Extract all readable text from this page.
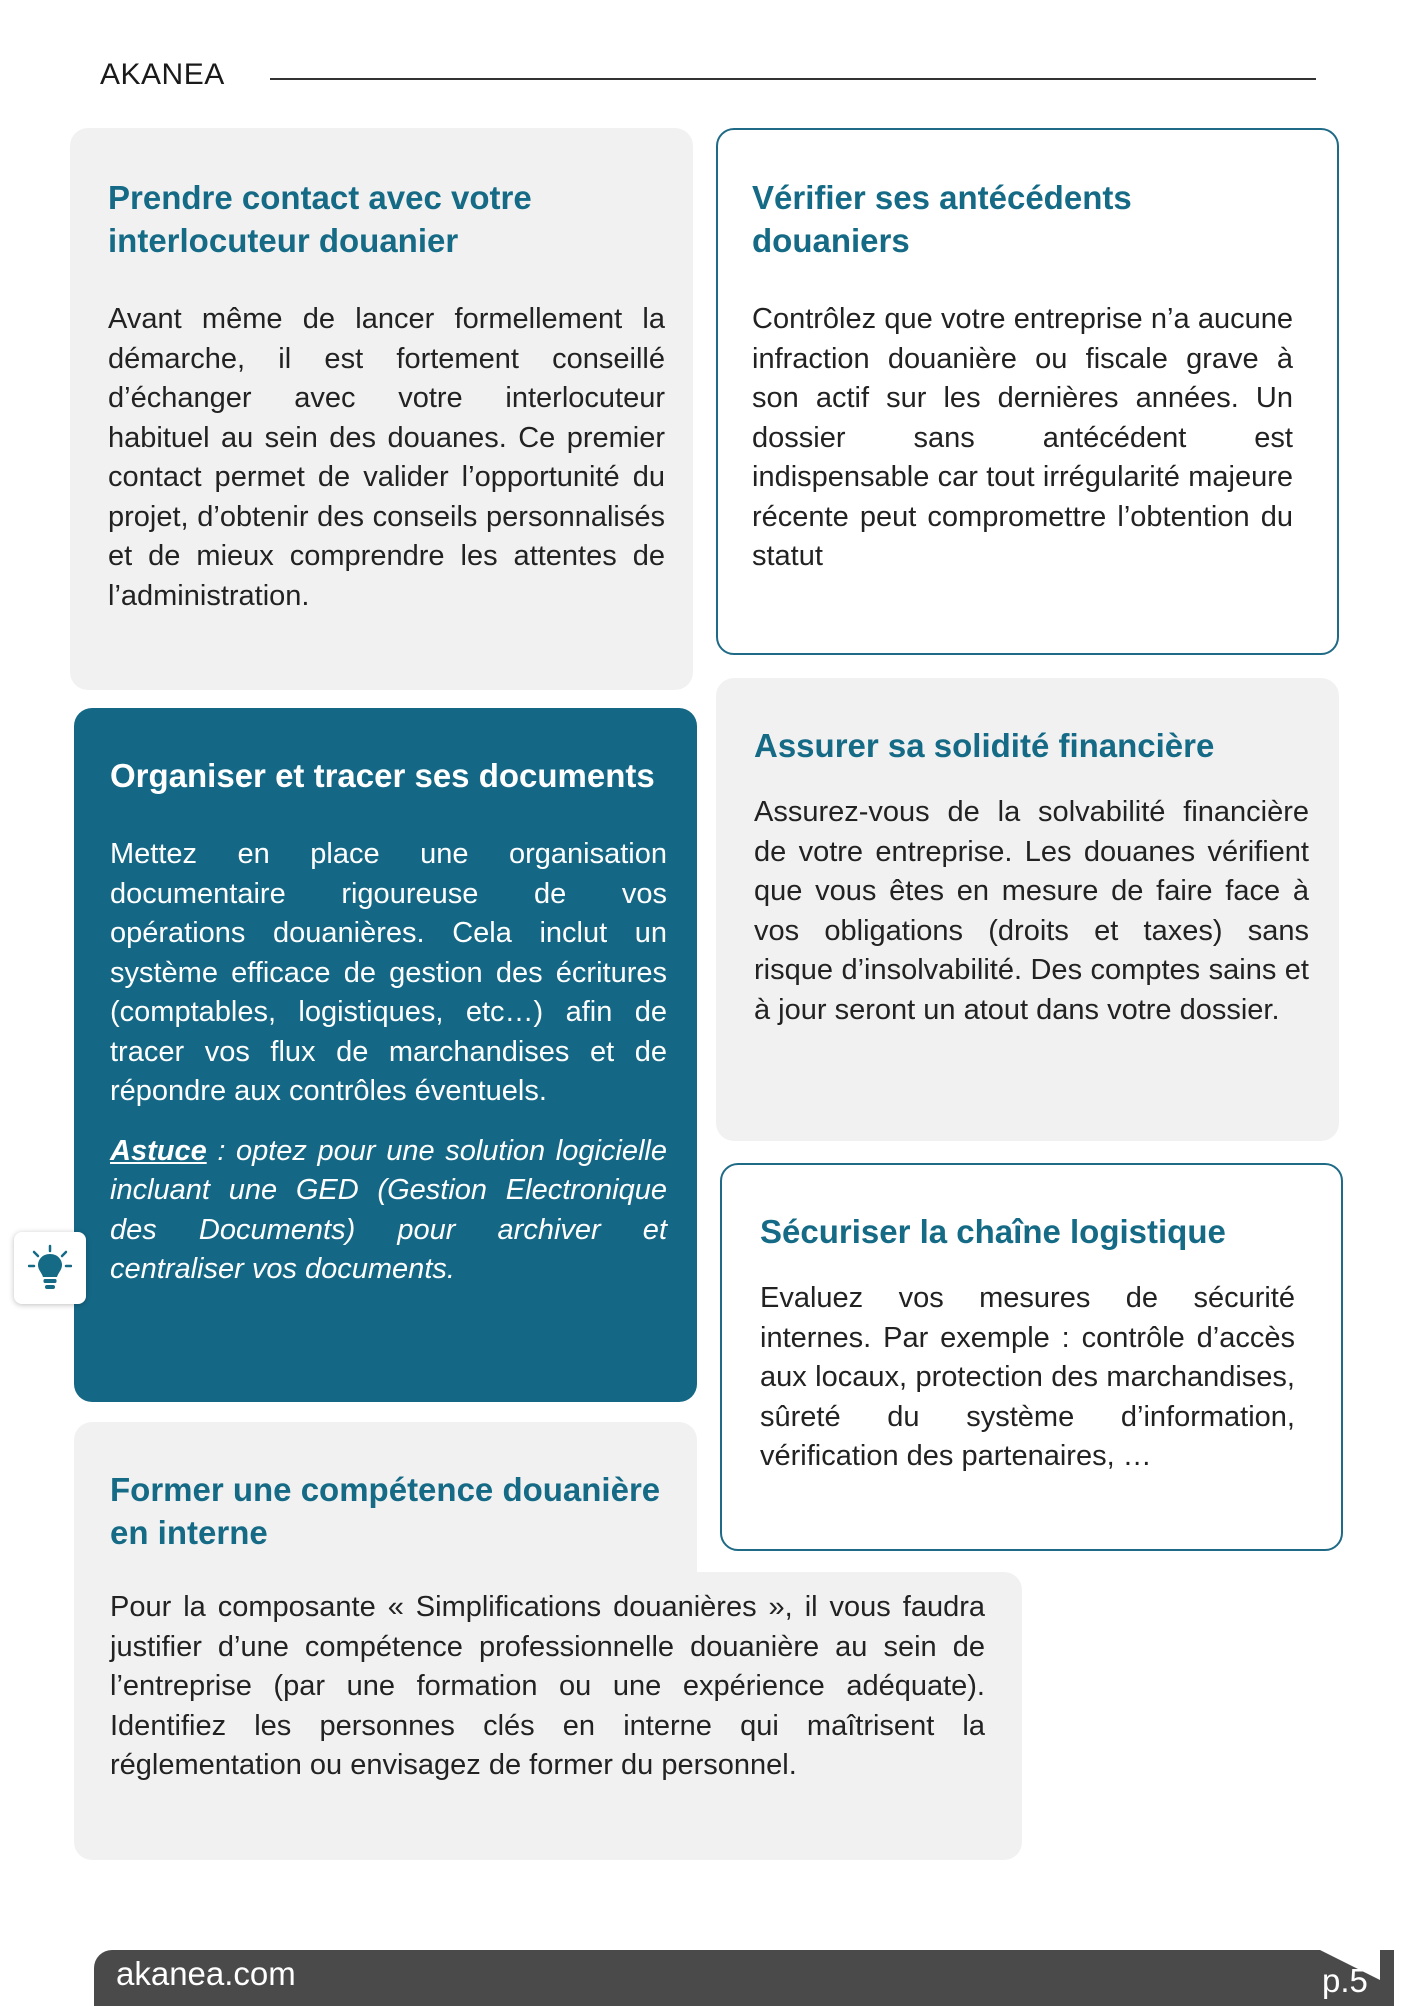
AKANEA
Prendre contact avec votre interlocuteur douanier

Avant même de lancer formellement la démarche, il est fortement conseillé d’échanger avec votre interlocuteur habituel au sein des douanes. Ce premier contact permet de valider l’opportunité du projet, d’obtenir des conseils personnalisés et de mieux comprendre les attentes de l’administration.

Vérifier ses antécédents douaniers

Contrôlez que votre entreprise n’a aucune infraction douanière ou fiscale grave à son actif sur les dernières années. Un dossier sans antécédent est indispensable car tout irrégularité majeure récente peut compromettre l’obtention du statut

Organiser et tracer ses documents

Mettez en place une organisation documentaire rigoureuse de vos opérations douanières. Cela inclut un système efficace de gestion des écritures (comptables, logistiques, etc…) afin de tracer vos flux de marchandises et de répondre aux contrôles éventuels.

Astuce : optez pour une solution logicielle incluant une GED (Gestion Electronique des Documents) pour archiver et centraliser vos documents.

Assurer sa solidité financière

Assurez-vous de la solvabilité financière de votre entreprise. Les douanes vérifient que vous êtes en mesure de faire face à vos obligations (droits et taxes) sans risque d’insolvabilité. Des comptes sains et à jour seront un atout dans votre dossier.

Sécuriser la chaîne logistique

Evaluez vos mesures de sécurité internes. Par exemple : contrôle d’accès aux locaux, protection des marchandises, sûreté du système d’information, vérification des partenaires, …

Former une compétence douanière en interne

Pour la composante « Simplifications douanières », il vous faudra justifier d’une compétence professionnelle douanière au sein de l’entreprise (par une formation ou une expérience adéquate). Identifiez les personnes clés en interne qui maîtrisent la réglementation ou envisagez de former du personnel.

akanea.com	p.5
